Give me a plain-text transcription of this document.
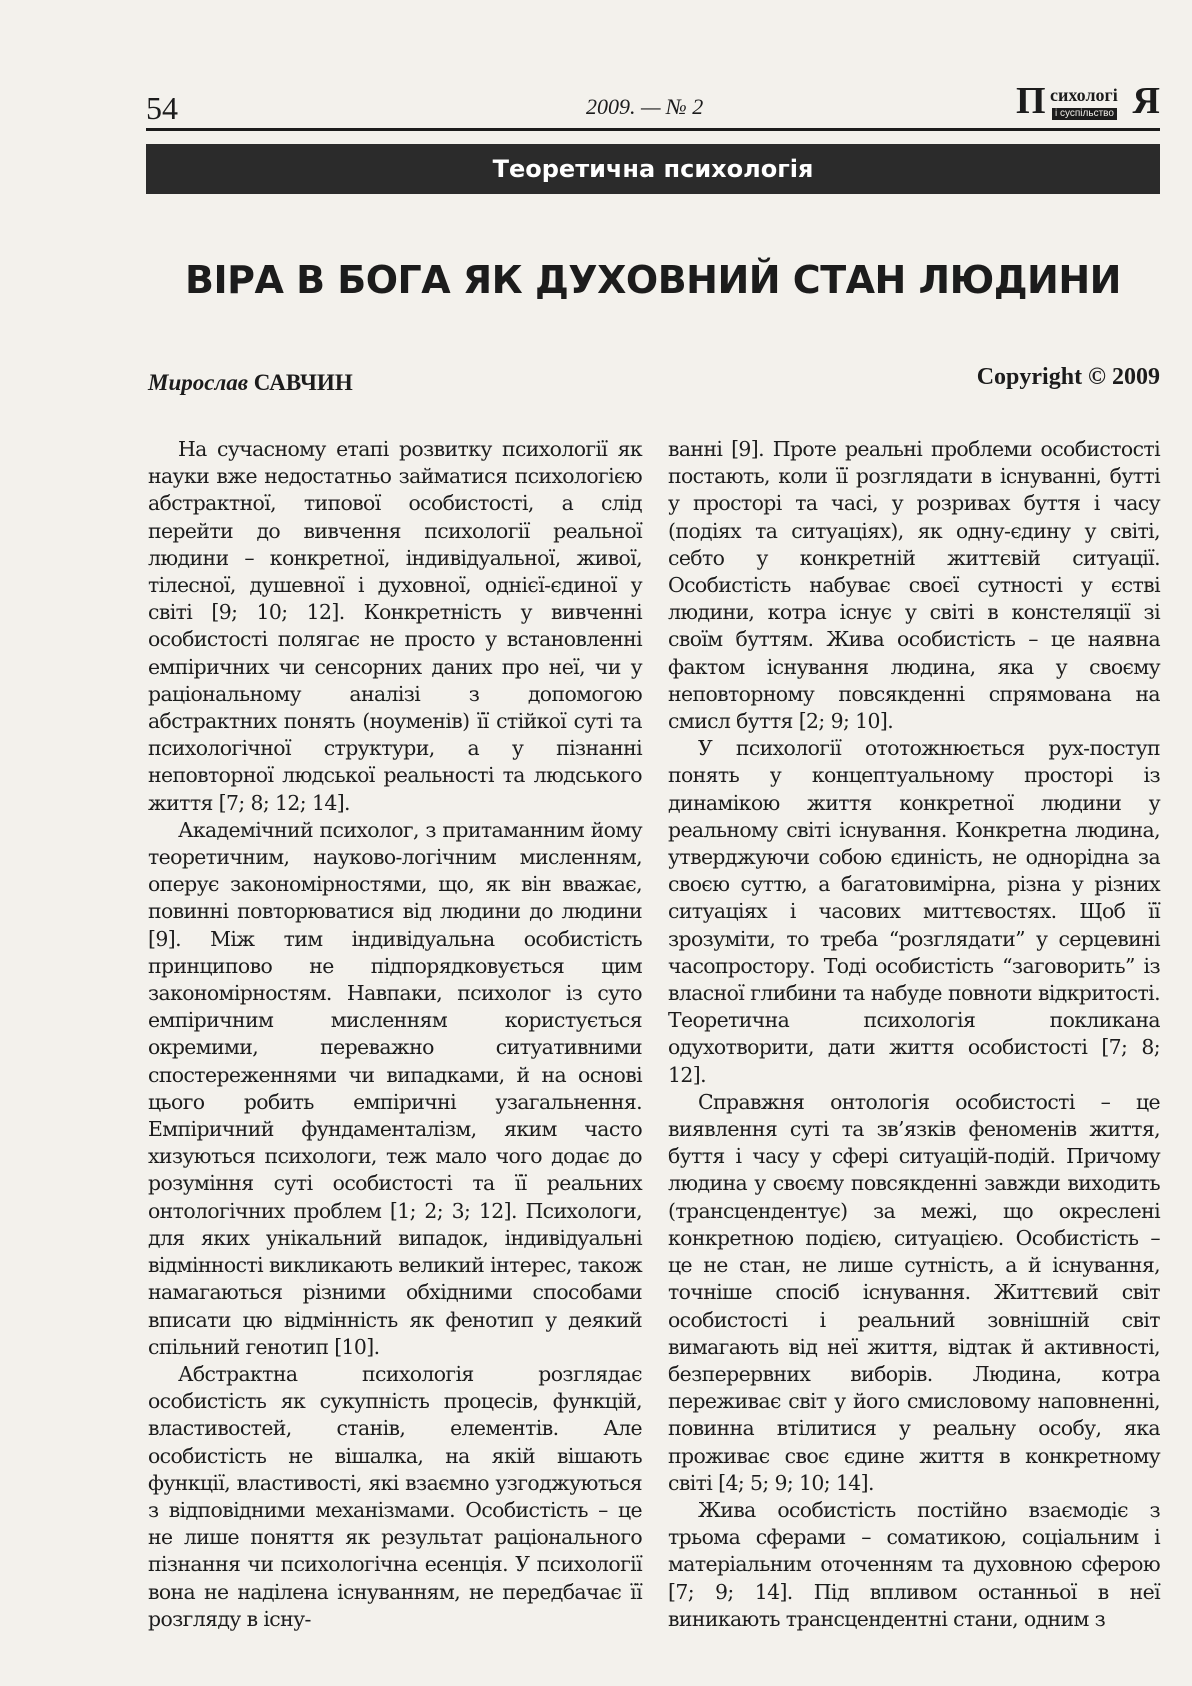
54	2009. — № 2	П сихологі
і суспільство Я
Теоретична психологія
ВІРА В БОГА ЯК ДУХОВНИЙ СТАН ЛЮДИНИ
Мирослав САВЧИН	Copyright © 2009

На сучасному етапі розвитку психології як науки вже недостатньо займатися психологією абстрактної, типової особистості, а слід перейти до вивчення психології реальної людини – конкретної, індивідуальної, живої, тілесної, душевної і духовної, однієї-єдиної у світі [9; 10; 12]. Конкретність у вивченні особистості полягає не просто у встановленні емпіричних чи сенсорних даних про неї, чи у раціональному аналізі з допомогою абстрактних понять (ноуменів) її стійкої суті та психологічної структури, а у пізнанні неповторної людської реальності та людського життя [7; 8; 12; 14].

Академічний психолог, з притаманним йому теоретичним, науково-логічним мисленням, оперує закономірностями, що, як він вважає, повинні повторюватися від людини до людини [9]. Між тим індивідуальна особистість принципово не підпорядковується цим закономірностям. Навпаки, психолог із суто емпіричним мисленням користується окремими, переважно ситуативними спостереженнями чи випадками, й на основі цього робить емпіричні узагальнення. Емпіричний фундаменталізм, яким часто хизуються психологи, теж мало чого додає до розуміння суті особистості та її реальних онтологічних проблем [1; 2; 3; 12]. Психологи, для яких унікальний випадок, індивідуальні відмінності викликають великий інтерес, також намагаються різними обхідними способами вписати цю відмінність як фенотип у деякий спільний генотип [10].

Абстрактна психологія розглядає особистість як сукупність процесів, функцій, властивостей, станів, елементів. Але особистість не вішалка, на якій вішають функції, властивості, які взаємно узгоджуються з відповідними механізмами. Особистість – це не лише поняття як результат раціонального пізнання чи психологічна есенція. У психології вона не наділена існуванням, не передбачає її розгляду в існу-

ванні [9]. Проте реальні проблеми особистості постають, коли її розглядати в існуванні, бутті у просторі та часі, у розривах буття і часу (подіях та ситуаціях), як одну-єдину у світі, себто у конкретній життєвій ситуації. Особистість набуває своєї сутності у єстві людини, котра існує у світі в констеляції зі своїм буттям. Жива особистість – це наявна фактом існування людина, яка у своєму неповторному повсякденні спрямована на смисл буття [2; 9; 10].

У психології ототожнюється рух-поступ понять у концептуальному просторі із динамікою життя конкретної людини у реальному світі існування. Конкретна людина, утверджуючи собою єдиність, не однорідна за своєю суттю, а багатовимірна, різна у різних ситуаціях і часових миттєвостях. Щоб її зрозуміти, то треба “розглядати” у серцевині часопростору. Тоді особистість “заговорить” із власної глибини та набуде повноти відкритості. Теоретична психологія покликана одухотворити, дати життя особистості [7; 8; 12].

Справжня онтологія особистості – це виявлення суті та зв’язків феноменів життя, буття і часу у сфері ситуацій-подій. Причому людина у своєму повсякденні завжди виходить (трансцендентує) за межі, що окреслені конкретною подією, ситуацією. Особистість – це не стан, не лише сутність, а й існування, точніше спосіб існування. Життєвий світ особистості і реальний зовнішній світ вимагають від неї життя, відтак й активності, безперервних виборів. Людина, котра переживає світ у його смисловому наповненні, повинна втілитися у реальну особу, яка проживає своє єдине життя в конкретному світі [4; 5; 9; 10; 14].

Жива особистість постійно взаємодіє з трьома сферами – соматикою, соціальним і матеріальним оточенням та духовною сферою [7; 9; 14]. Під впливом останньої в неї виникають трансцендентні стани, одним з
